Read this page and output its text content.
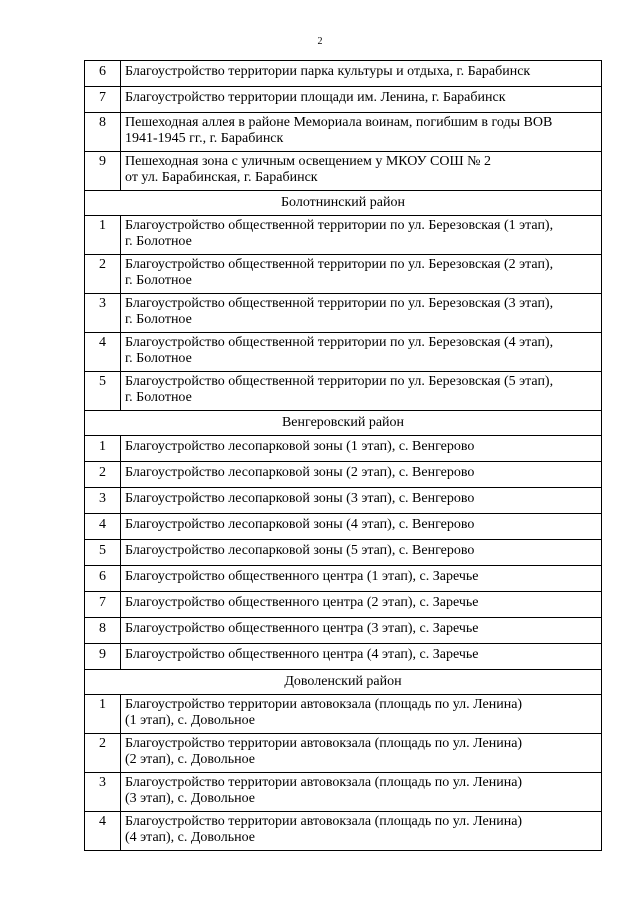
2
6	Благоустройство территории парка культуры и отдыха, г. Барабинск

7	Благоустройство территории площади им. Ленина, г. Барабинск

8	Пешеходная аллея в районе Мемориала воинам, погибшим в годы ВОВ
1941-1945 гг., г. Барабинск

9	Пешеходная зона с уличным освещением у МКОУ СОШ № 2
от ул. Барабинская, г. Барабинск

Болотнинский район	
1	Благоустройство общественной территории по ул. Березовская (1 этап),
г. Болотное

2	Благоустройство общественной территории по ул. Березовская (2 этап),
г. Болотное

3	Благоустройство общественной территории по ул. Березовская (3 этап),
г. Болотное

4	Благоустройство общественной территории по ул. Березовская (4 этап),
г. Болотное

5	Благоустройство общественной территории по ул. Березовская (5 этап),
г. Болотное

Венгеровский район	
1	Благоустройство лесопарковой зоны (1 этап), с. Венгерово

2	Благоустройство лесопарковой зоны (2 этап), с. Венгерово

3	Благоустройство лесопарковой зоны (3 этап), с. Венгерово

4	Благоустройство лесопарковой зоны (4 этап), с. Венгерово

5	Благоустройство лесопарковой зоны (5 этап), с. Венгерово

6	Благоустройство общественного центра (1 этап), с. Заречье

7	Благоустройство общественного центра (2 этап), с. Заречье

8	Благоустройство общественного центра (3 этап), с. Заречье

9	Благоустройство общественного центра (4 этап), с. Заречье

Доволенский район	
1	Благоустройство территории автовокзала (площадь по ул. Ленина)
(1 этап), с. Довольное

2	Благоустройство территории автовокзала (площадь по ул. Ленина)
(2 этап), с. Довольное

3	Благоустройство территории автовокзала (площадь по ул. Ленина)
(3 этап), с. Довольное

4	Благоустройство территории автовокзала (площадь по ул. Ленина)
(4 этап), с. Довольное
